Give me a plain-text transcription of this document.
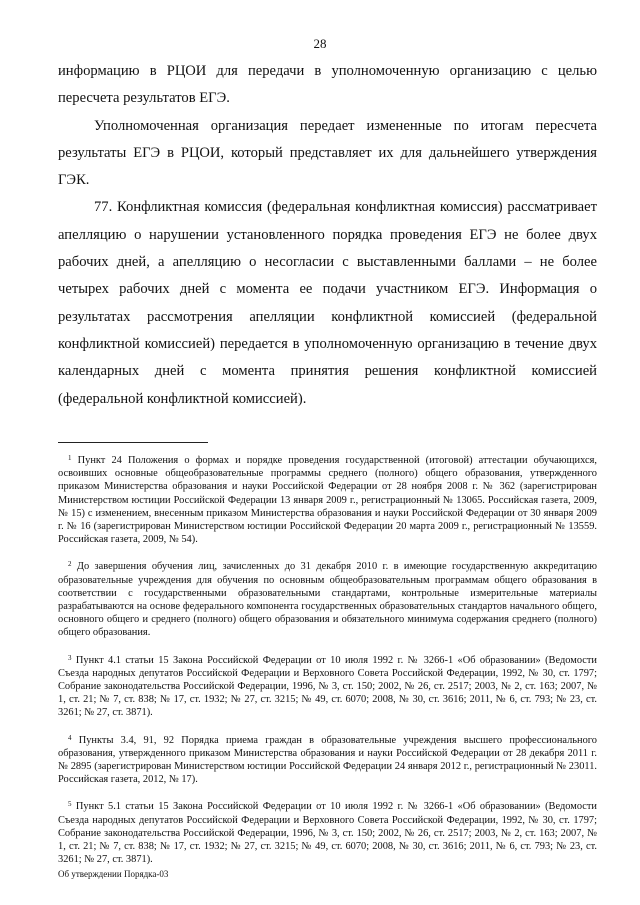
28

информацию в РЦОИ для передачи в уполномоченную организацию с целью пересчета результатов ЕГЭ.

Уполномоченная организация передает измененные по итогам пересчета результаты ЕГЭ в РЦОИ, который представляет их для дальнейшего утверждения ГЭК.

77. Конфликтная комиссия (федеральная конфликтная комиссия) рассматривает апелляцию о нарушении установленного порядка проведения ЕГЭ не более двух рабочих дней, а апелляцию о несогласии с выставленными баллами – не более четырех рабочих дней с момента ее подачи участником ЕГЭ. Информация о результатах рассмотрения апелляции конфликтной комиссией (федеральной конфликтной комиссией) передается в уполномоченную организацию в течение двух календарных дней с момента принятия решения конфликтной комиссией (федеральной конфликтной комиссией).

$^1$ Пункт 24 Положения о формах и порядке проведения государственной (итоговой) аттестации обучающихся, освоивших основные общеобразовательные программы среднего (полного) общего образования, утвержденного приказом Министерства образования и науки Российской Федерации от 28 ноября 2008 г. № 362 (зарегистрирован Министерством юстиции Российской Федерации 13 января 2009 г., регистрационный № 13065. Российская газета, 2009, № 15) с изменением, внесенным приказом Министерства образования и науки Российской Федерации от 30 января 2009 г. № 16 (зарегистрирован Министерством юстиции Российской Федерации 20 марта 2009 г., регистрационный № 13559. Российская газета, 2009, № 54).

$^2$ До завершения обучения лиц, зачисленных до 31 декабря 2010 г. в имеющие государственную аккредитацию образовательные учреждения для обучения по основным общеобразовательным программам общего образования в соответствии с государственными образовательными стандартами, контрольные измерительные материалы разрабатываются на основе федерального компонента государственных образовательных стандартов начального общего, основного общего и среднего (полного) общего образования и обязательного минимума содержания среднего (полного) общего образования.

$^3$ Пункт 4.1 статьи 15 Закона Российской Федерации от 10 июля 1992 г. № 3266-1 «Об образовании» (Ведомости Съезда народных депутатов Российской Федерации и Верховного Совета Российской Федерации, 1992, № 30, ст. 1797; Собрание законодательства Российской Федерации, 1996, № 3, ст. 150; 2002, № 26, ст. 2517; 2003, № 2, ст. 163; 2007, № 1, ст. 21; № 7, ст. 838; № 17, ст. 1932; № 27, ст. 3215; № 49, ст. 6070; 2008, № 30, ст. 3616; 2011, № 6, ст. 793; № 23, ст. 3261; № 27, ст. 3871).

$^4$ Пункты 3.4, 91, 92 Порядка приема граждан в образовательные учреждения высшего профессионального образования, утвержденного приказом Министерства образования и науки Российской Федерации от 28 декабря 2011 г. № 2895 (зарегистрирован Министерством юстиции Российской Федерации 24 января 2012 г., регистрационный № 23011. Российская газета, 2012, № 17).

$^5$ Пункт 5.1 статьи 15 Закона Российской Федерации от 10 июля 1992 г. № 3266-1 «Об образовании» (Ведомости Съезда народных депутатов Российской Федерации и Верховного Совета Российской Федерации, 1992, № 30, ст. 1797; Собрание законодательства Российской Федерации, 1996, № 3, ст. 150; 2002, № 26, ст. 2517; 2003, № 2, ст. 163; 2007, № 1, ст. 21; № 7, ст. 838; № 17, ст. 1932; № 27, ст. 3215; № 49, ст. 6070; 2008, № 30, ст. 3616; 2011, № 6, ст. 793; № 23, ст. 3261; № 27, ст. 3871).

Об утверждении Порядка-03
